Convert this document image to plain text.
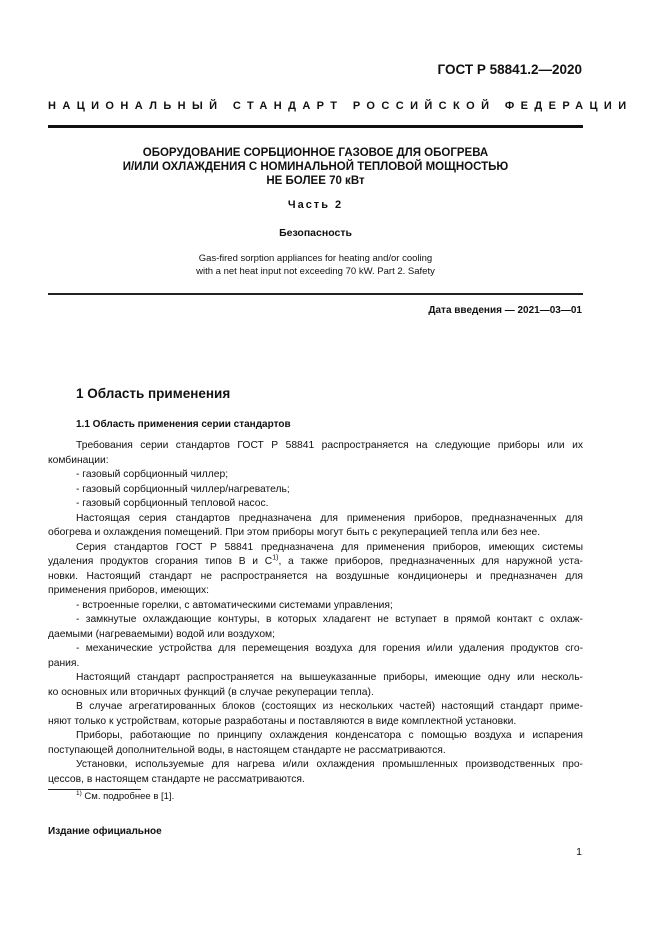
ГОСТ Р 58841.2—2020
НАЦИОНАЛЬНЫЙ СТАНДАРТ РОССИЙСКОЙ ФЕДЕРАЦИИ
ОБОРУДОВАНИЕ СОРБЦИОННОЕ ГАЗОВОЕ ДЛЯ ОБОГРЕВА
И/ИЛИ ОХЛАЖДЕНИЯ С НОМИНАЛЬНОЙ ТЕПЛОВОЙ МОЩНОСТЬЮ
НЕ БОЛЕЕ 70 кВт
Часть 2
Безопасность
Gas-fired sorption appliances for heating and/or cooling
with a net heat input not exceeding 70 kW. Part 2. Safety
Дата введения — 2021—03—01
1 Область применения
1.1 Область применения серии стандартов

Требования серии стандартов ГОСТ Р 58841 распространяется на следующие приборы или их
комбинации:

- газовый сорбционный чиллер;

- газовый сорбционный чиллер/нагреватель;

- газовый сорбционный тепловой насос.

Настоящая серия стандартов предназначена для применения приборов, предназначенных для
обогрева и охлаждения помещений. При этом приборы могут быть с рекуперацией тепла или без нее.

Серия стандартов ГОСТ Р 58841 предназначена для применения приборов, имеющих системы
удаления продуктов сгорания типов В и $С^{1)}$, а также приборов, предназначенных для наружной уста-
новки. Настоящий стандарт не распространяется на воздушные кондиционеры и предназначен для
применения приборов, имеющих:

- встроенные горелки, с автоматическими системами управления;

- замкнутые охлаждающие контуры, в которых хладагент не вступает в прямой контакт с охлаж-
даемыми (нагреваемыми) водой или воздухом;

- механические устройства для перемещения воздуха для горения и/или удаления продуктов сго-
рания.

Настоящий стандарт распространяется на вышеуказанные приборы, имеющие одну или несколь-
ко основных или вторичных функций (в случае рекуперации тепла).

В случае агрегатированных блоков (состоящих из нескольких частей) настоящий стандарт приме-
няют только к устройствам, которые разработаны и поставляются в виде комплектной установки.

Приборы, работающие по принципу охлаждения конденсатора с помощью воздуха и испарения
поступающей дополнительной воды, в настоящем стандарте не рассматриваются.

Установки, используемые для нагрева и/или охлаждения промышленных производственных про-
цессов, в настоящем стандарте не рассматриваются.

$^{1)}$ См. подробнее в [1].
Издание официальное
1
